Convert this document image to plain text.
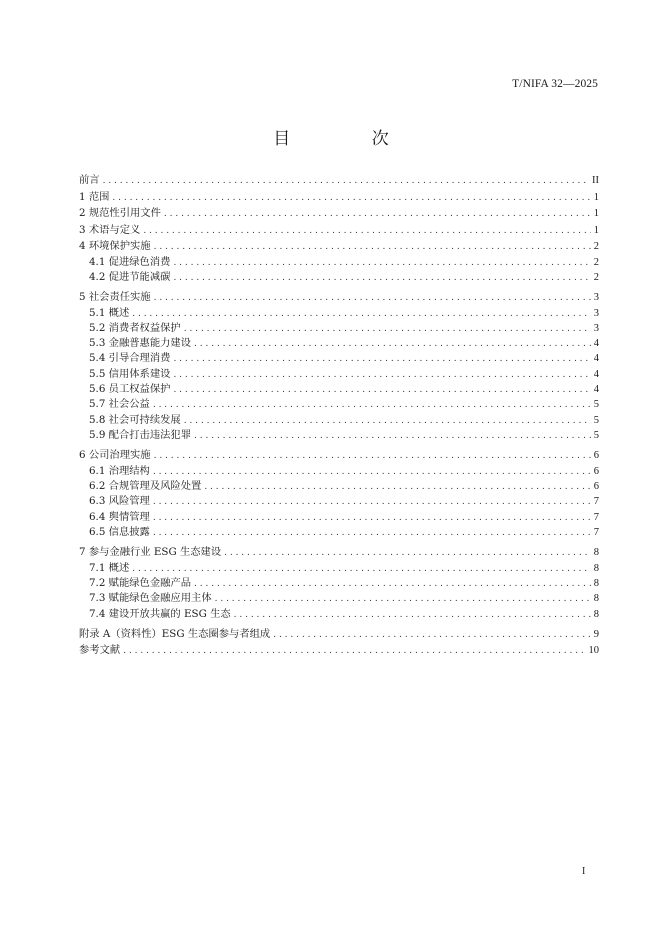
T/NIFA 32—2025
目 次
前言 . . .	II
1 范围 . . .	1
2 规范性引用文件 . . .	1
3 术语与定义 . . .	1
4 环境保护实施 . . .	2
4.1 促进绿色消费 . . .	2
4.2 促进节能减碳 . . .	2
5 社会责任实施 . . .	3
5.1 概述 . . .	3
5.2 消费者权益保护 . . .	3
5.3 金融普惠能力建设 . . .	4
5.4 引导合理消费 . . .	4
5.5 信用体系建设 . . .	4
5.6 员工权益保护 . . .	4
5.7 社会公益 . . .	5
5.8 社会可持续发展 . . .	5
5.9 配合打击违法犯罪 . . .	5
6 公司治理实施 . . .	6
6.1 治理结构 . . .	6
6.2 合规管理及风险处置 . . .	6
6.3 风险管理 . . .	7
6.4 舆情管理 . . .	7
6.5 信息披露 . . .	7
7 参与金融行业 ESG 生态建设 . . .	8
7.1 概述 . . .	8
7.2 赋能绿色金融产品 . . .	8
7.3 赋能绿色金融应用主体 . . .	8
7.4 建设开放共赢的 ESG 生态 . . .	8
附录 A（资料性）ESG 生态圈参与者组成 . . .	9
参考文献 . . .	10
I
